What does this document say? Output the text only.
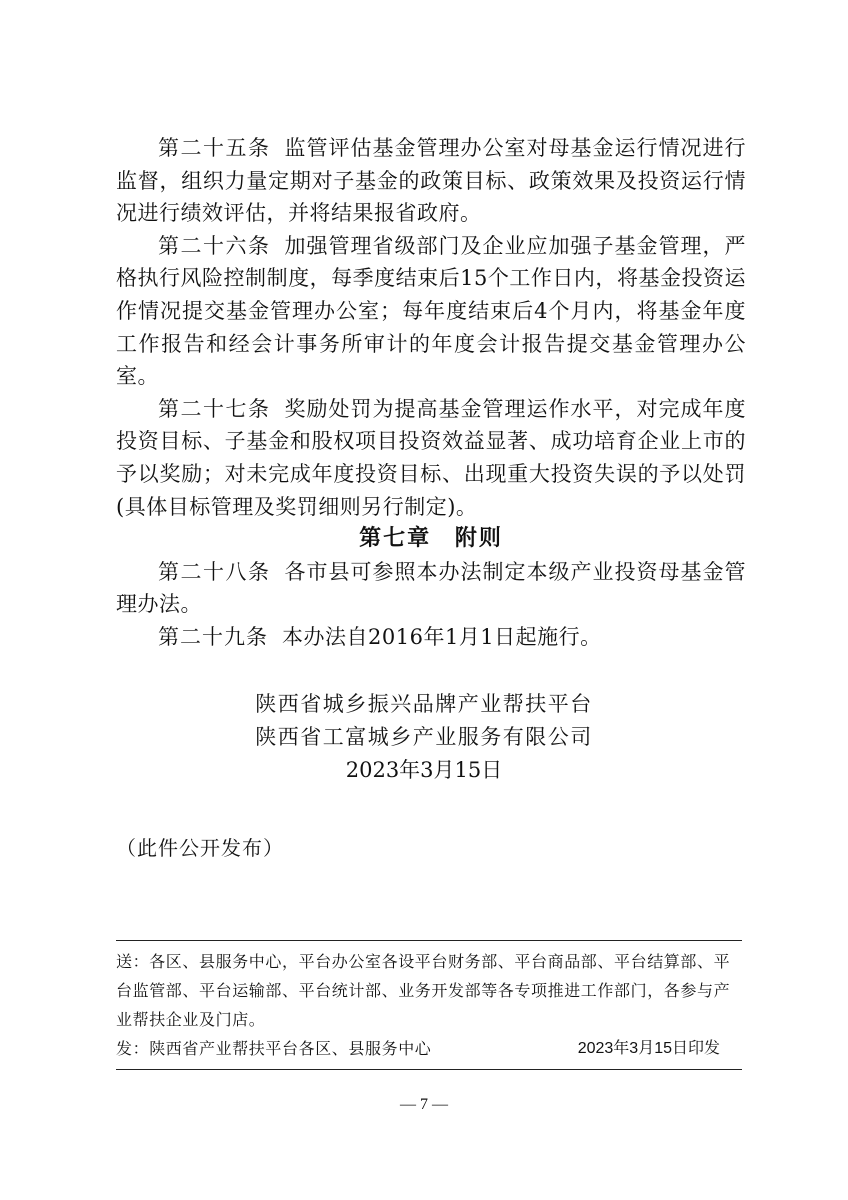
第二十五条 监管评估基金管理办公室对母基金运行情况进行监督，组织力量定期对子基金的政策目标、政策效果及投资运行情况进行绩效评估，并将结果报省政府。

第二十六条 加强管理省级部门及企业应加强子基金管理，严格执行风险控制制度，每季度结束后15个工作日内，将基金投资运作情况提交基金管理办公室；每年度结束后4个月内，将基金年度工作报告和经会计事务所审计的年度会计报告提交基金管理办公室。

第二十七条 奖励处罚为提高基金管理运作水平，对完成年度投资目标、子基金和股权项目投资效益显著、成功培育企业上市的予以奖励；对未完成年度投资目标、出现重大投资失误的予以处罚(具体目标管理及奖罚细则另行制定)。

第七章 附则

第二十八条 各市县可参照本办法制定本级产业投资母基金管理办法。

第二十九条 本办法自2016年1月1日起施行。

陕西省城乡振兴品牌产业帮扶平台
陕西省工富城乡产业服务有限公司
2023年3月15日
（此件公开发布）
送：各区、县服务中心，平台办公室各设平台财务部、平台商品部、平台结算部、平台监管部、平台运输部、平台统计部、业务开发部等各专项推进工作部门，各参与产业帮扶企业及门店。
发：陕西省产业帮扶平台各区、县服务中心	2023年3月15日印发
— 7 —
